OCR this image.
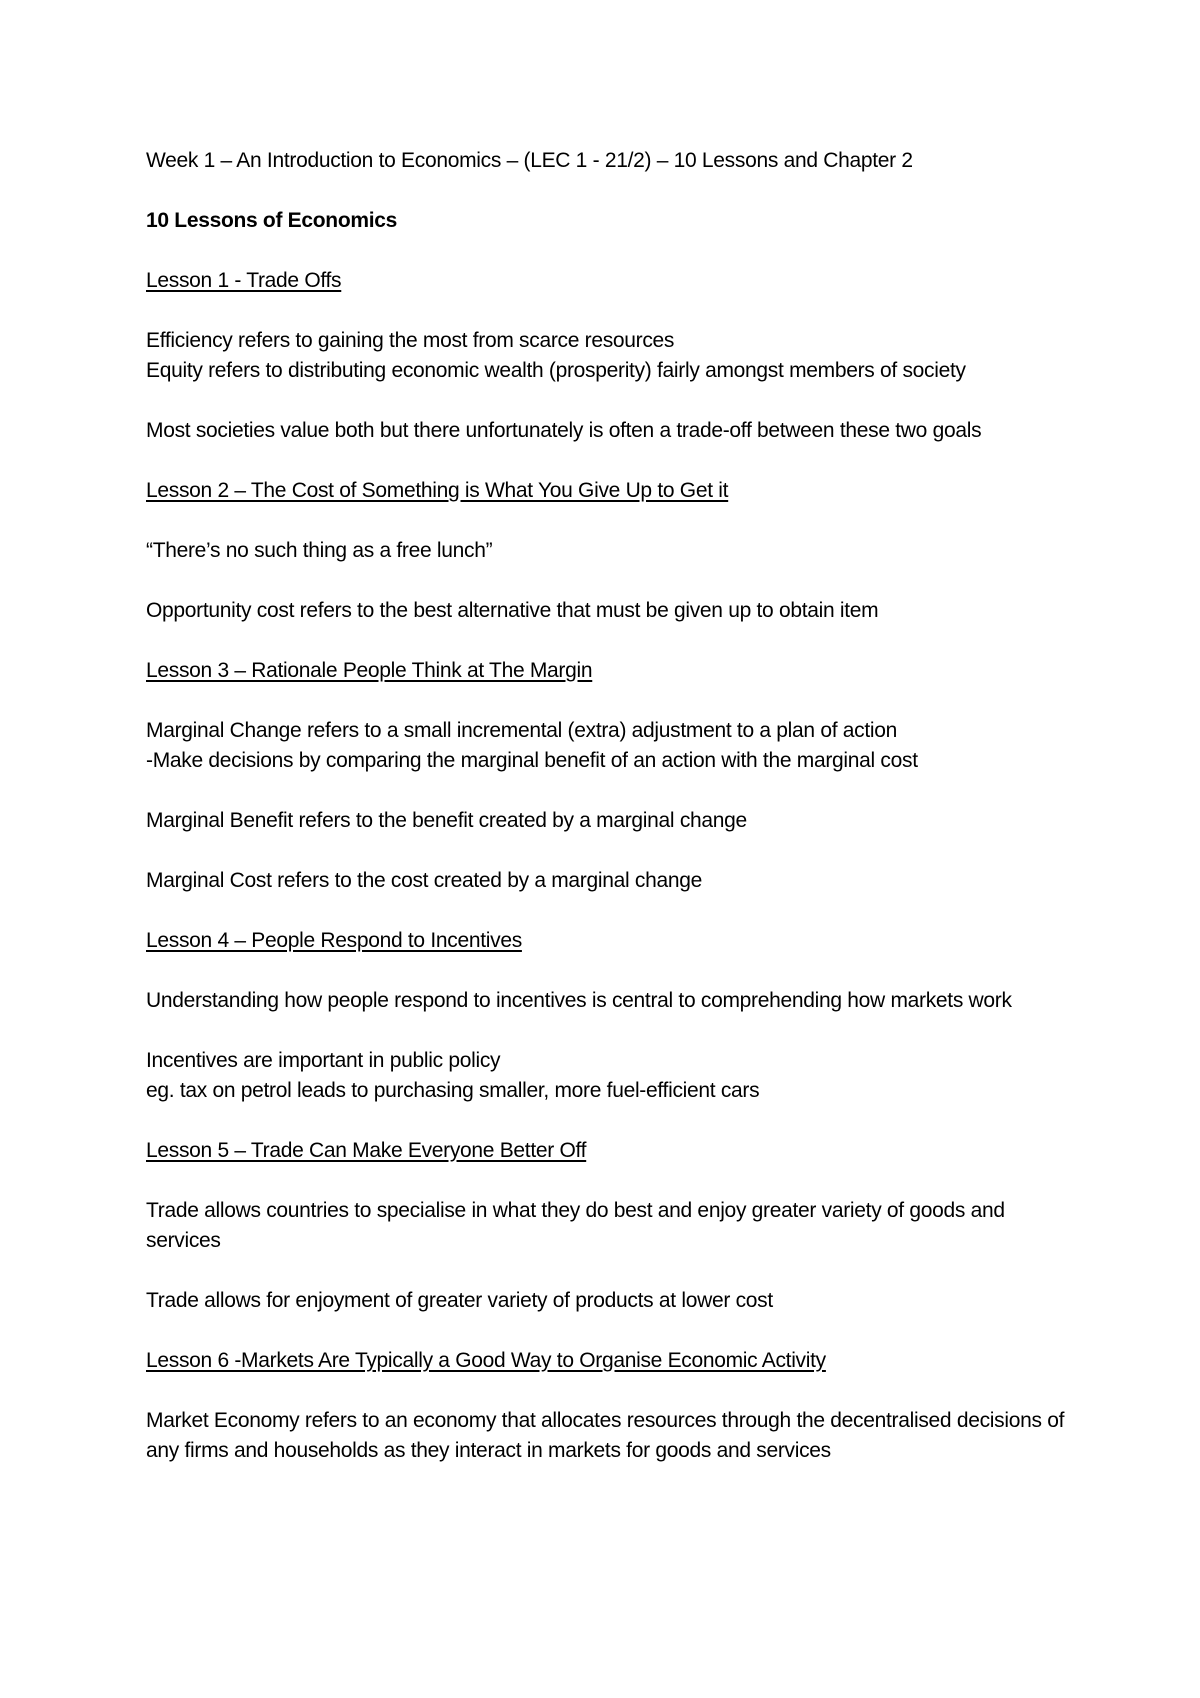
Week 1 – An Introduction to Economics – (LEC 1 - 21/2) – 10 Lessons and Chapter 2

10 Lessons of Economics

Lesson 1 - Trade Offs

Efficiency refers to gaining the most from scarce resources

Equity refers to distributing economic wealth (prosperity) fairly amongst members of society

Most societies value both but there unfortunately is often a trade-off between these two goals

Lesson 2 – The Cost of Something is What You Give Up to Get it

“There’s no such thing as a free lunch”

Opportunity cost refers to the best alternative that must be given up to obtain item

Lesson 3 – Rationale People Think at The Margin

Marginal Change refers to a small incremental (extra) adjustment to a plan of action

-Make decisions by comparing the marginal benefit of an action with the marginal cost

Marginal Benefit refers to the benefit created by a marginal change

Marginal Cost refers to the cost created by a marginal change

Lesson 4 – People Respond to Incentives

Understanding how people respond to incentives is central to comprehending how markets work

Incentives are important in public policy

eg. tax on petrol leads to purchasing smaller, more fuel-efficient cars

Lesson 5 – Trade Can Make Everyone Better Off

Trade allows countries to specialise in what they do best and enjoy greater variety of goods and services

Trade allows for enjoyment of greater variety of products at lower cost

Lesson 6 -Markets Are Typically a Good Way to Organise Economic Activity

Market Economy refers to an economy that allocates resources through the decentralised decisions of any firms and households as they interact in markets for goods and services
